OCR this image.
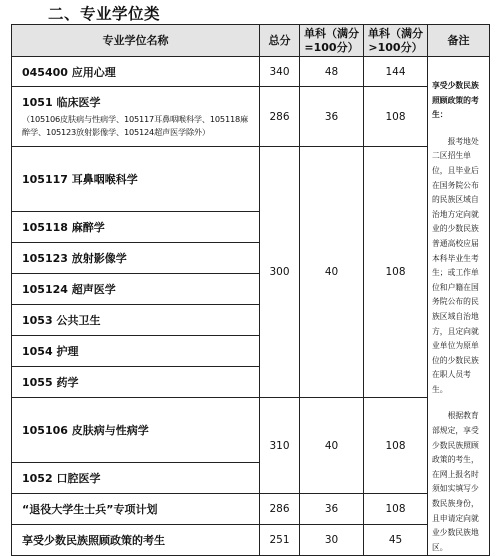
二、专业学位类
专业学位名称	总分	单科（满分=100分）	单科（满分>100分）	备注
045400 应用心理	340	48	144	享受少数民族照顾政策的考生：
报考地处二区招生单位，且毕业后在国务院公布的民族区域自治地方定向就业的少数民族普通高校应届本科毕业生考生；或工作单位和户籍在国务院公布的民族区域自治地方，且定向就业单位为原单位的少数民族在职人员考生。
根据教育部规定，享受少数民族照顾政策的考生，在网上报名时须如实填写少数民族身份，且申请定向就业少数民族地区。

1051 临床医学
（105106皮肤病与性病学、105117耳鼻咽喉科学、105118麻醉学、105123放射影像学、105124超声医学除外）	286	36	108	
105117 耳鼻咽喉科学	300	40	108	
105118 麻醉学				
105123 放射影像学				
105124 超声医学				
1053 公共卫生				
1054 护理				
1055 药学				
105106 皮肤病与性病学	310	40	108	
1052 口腔医学				
“退役大学生士兵”专项计划	286	36	108	
享受少数民族照顾政策的考生	251	30	45	
